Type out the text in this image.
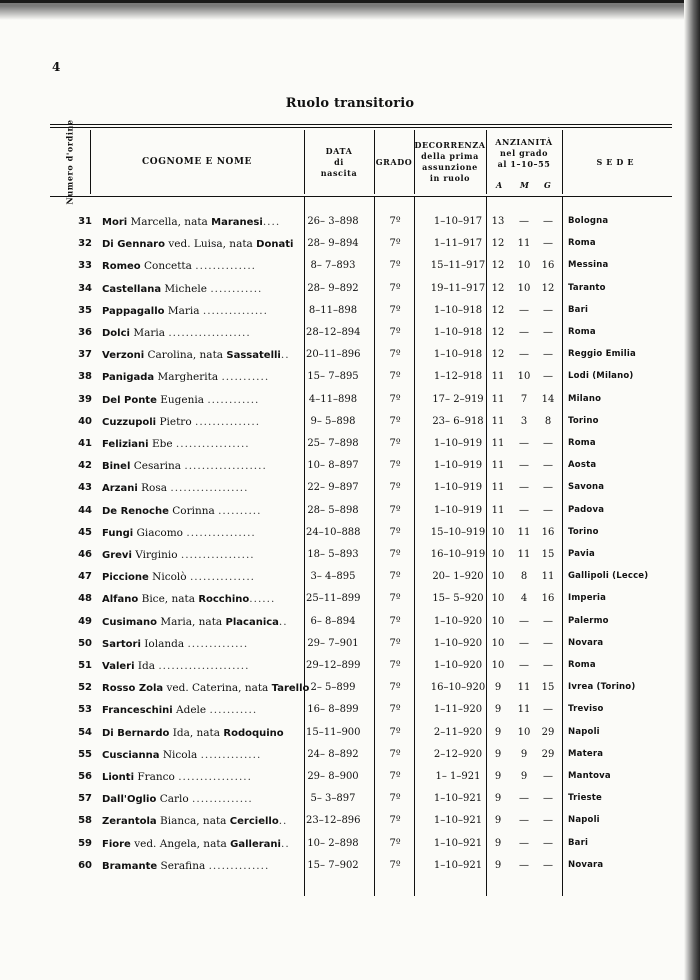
4
Ruolo transitorio
Numero d'ordine	COGNOME E NOME
DATA
di
nascita
GRADO
DECORRENZA
della prima
assunzione
in ruolo
ANZIANITÀ
nel grado
al 1–10–55
A M G
SEDE
31 Mori Marcella, nata Maranesi....	26– 3–898	7º	1–10–917 13	—	—	Bologna
32 Di Gennaro ved. Luisa, nata Donati	28– 9–894	7º	1–11–917 12	11	—	Roma
33 Romeo Concetta ..............	8– 7–893	7º	15–11–917 12	10	16	Messina
34 Castellana Michele ............	28– 9–892	7º	19–11–917 12	10	12	Taranto
35 Pappagallo Maria ...............	8–11–898	7º	1–10–918 12	—	—	Bari
36 Dolci Maria ...................	28–12–894	7º	1–10–918 12	—	—	Roma
37 Verzoni Carolina, nata Sassatelli..	20–11–896	7º	1–10–918 12	—	—	Reggio Emilia
38 Panigada Margherita ...........	15– 7–895	7º	1–12–918 11	10	—	Lodi (Milano)
39 Del Ponte Eugenia ............	4–11–898	7º	17– 2–919 11	7	14	Milano
40 Cuzzupoli Pietro ...............	9– 5–898	7º	23– 6–918 11	3	8	Torino
41 Feliziani Ebe .................	25– 7–898	7º	1–10–919 11	—	—	Roma
42 Binel Cesarina ...................	10– 8–897	7º	1–10–919 11	—	—	Aosta
43 Arzani Rosa ..................	22– 9–897	7º	1–10–919 11	—	—	Savona
44 De Renoche Corinna ..........	28– 5–898	7º	1–10–919 11	—	—	Padova
45 Fungi Giacomo ................	24–10–888	7º	15–10–919 10	11	16	Torino
46 Grevi Virginio .................	18– 5–893	7º	16–10–919 10	11	15	Pavia
47 Piccione Nicolò ...............	3– 4–895	7º	20– 1–920 10	8	11	Gallipoli (Lecce)
48 Alfano Bice, nata Rocchino......	25–11–899	7º	15– 5–920 10	4	16	Imperia
49 Cusimano Maria, nata Placanica..	6– 8–894	7º	1–10–920 10	—	—	Palermo
50 Sartori Iolanda ..............	29– 7–901	7º	1–10–920 10	—	—	Novara
51 Valeri Ida .....................	29–12–899	7º	1–10–920 10	—	—	Roma
52 Rosso Zola ved. Caterina, nata Tarello 2– 5–899	7º	16–10–920 9	11	15	Ivrea (Torino)
53 Franceschini Adele ...........	16– 8–899	7º	1–11–920	9	11	—	Treviso
54 Di Bernardo Ida, nata Rodoquino	15–11–900	7º	2–11–920	9	10	29	Napoli
55 Cuscianna Nicola ..............	24– 8–892	7º	2–12–920	9	9	29	Matera
56 Lionti Franco .................	29– 8–900	7º	1– 1–921	9	9	—	Mantova
57 Dall'Oglio Carlo ..............	5– 3–897	7º	1–10–921	9	—	—	Trieste
58 Zerantola Bianca, nata Cerciello..	23–12–896	7º	1–10–921	9	—	—	Napoli
59 Fiore ved. Angela, nata Gallerani..	10– 2–898	7º	1–10–921	9	—	—	Bari
60 Bramante Serafina ..............	15– 7–902	7º	1–10–921	9	—	—	Novara
